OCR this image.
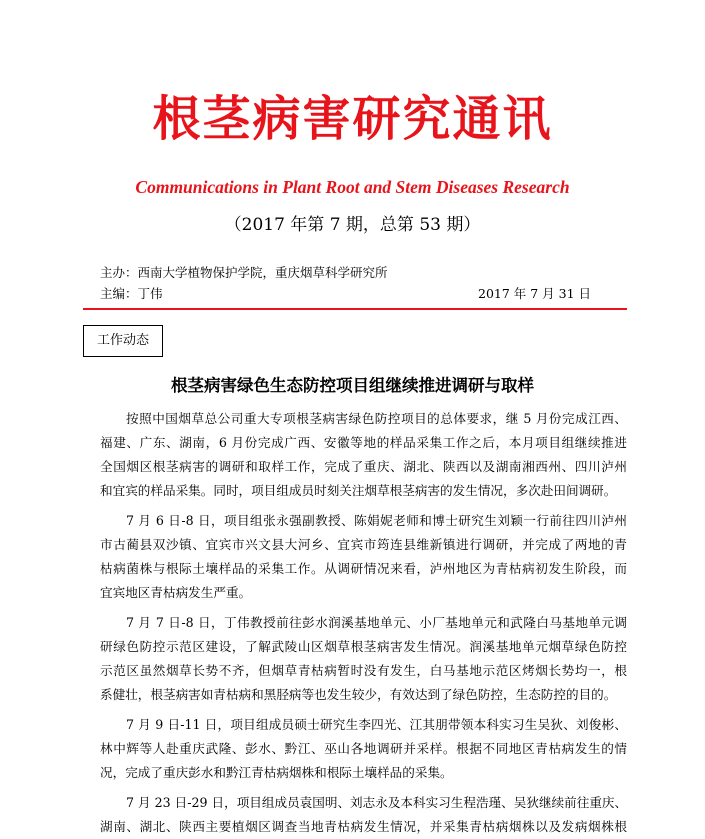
根茎病害研究通讯
Communications in Plant Root and Stem Diseases Research
（2017 年第 7 期，总第 53 期）
主办：西南大学植物保护学院，重庆烟草科学研究所
主编：丁伟	2017 年 7 月 31 日
工作动态
根茎病害绿色生态防控项目组继续推进调研与取样
按照中国烟草总公司重大专项根茎病害绿色防控项目的总体要求，继 5 月份完成江西、
福建、广东、湖南，6 月份完成广西、安徽等地的样品采集工作之后，本月项目组继续推进
全国烟区根茎病害的调研和取样工作，完成了重庆、湖北、陕西以及湖南湘西州、四川泸州
和宜宾的样品采集。同时，项目组成员时刻关注烟草根茎病害的发生情况，多次赴田间调研。
7 月 6 日-8 日，项目组张永强副教授、陈娟妮老师和博士研究生刘颖一行前往四川泸州
市古蔺县双沙镇、宜宾市兴文县大河乡、宜宾市筠连县维新镇进行调研，并完成了两地的青
枯病菌株与根际土壤样品的采集工作。从调研情况来看，泸州地区为青枯病初发生阶段，而
宜宾地区青枯病发生严重。
7 月 7 日-8 日，丁伟教授前往彭水润溪基地单元、小厂基地单元和武隆白马基地单元调
研绿色防控示范区建设，了解武陵山区烟草根茎病害发生情况。润溪基地单元烟草绿色防控
示范区虽然烟草长势不齐，但烟草青枯病暂时没有发生，白马基地示范区烤烟长势均一，根
系健壮，根茎病害如青枯病和黑胫病等也发生较少，有效达到了绿色防控，生态防控的目的。
7 月 9 日-11 日，项目组成员硕士研究生李四光、江其朋带领本科实习生吴狄、刘俊彬、
林中辉等人赴重庆武隆、彭水、黔江、巫山各地调研并采样。根据不同地区青枯病发生的情
况，完成了重庆彭水和黔江青枯病烟株和根际土壤样品的采集。
7 月 23 日-29 日，项目组成员袁国明、刘志永及本科实习生程浩瑾、吴狄继续前往重庆、
湖南、湖北、陕西主要植烟区调查当地青枯病发生情况，并采集青枯病烟株以及发病烟株根
